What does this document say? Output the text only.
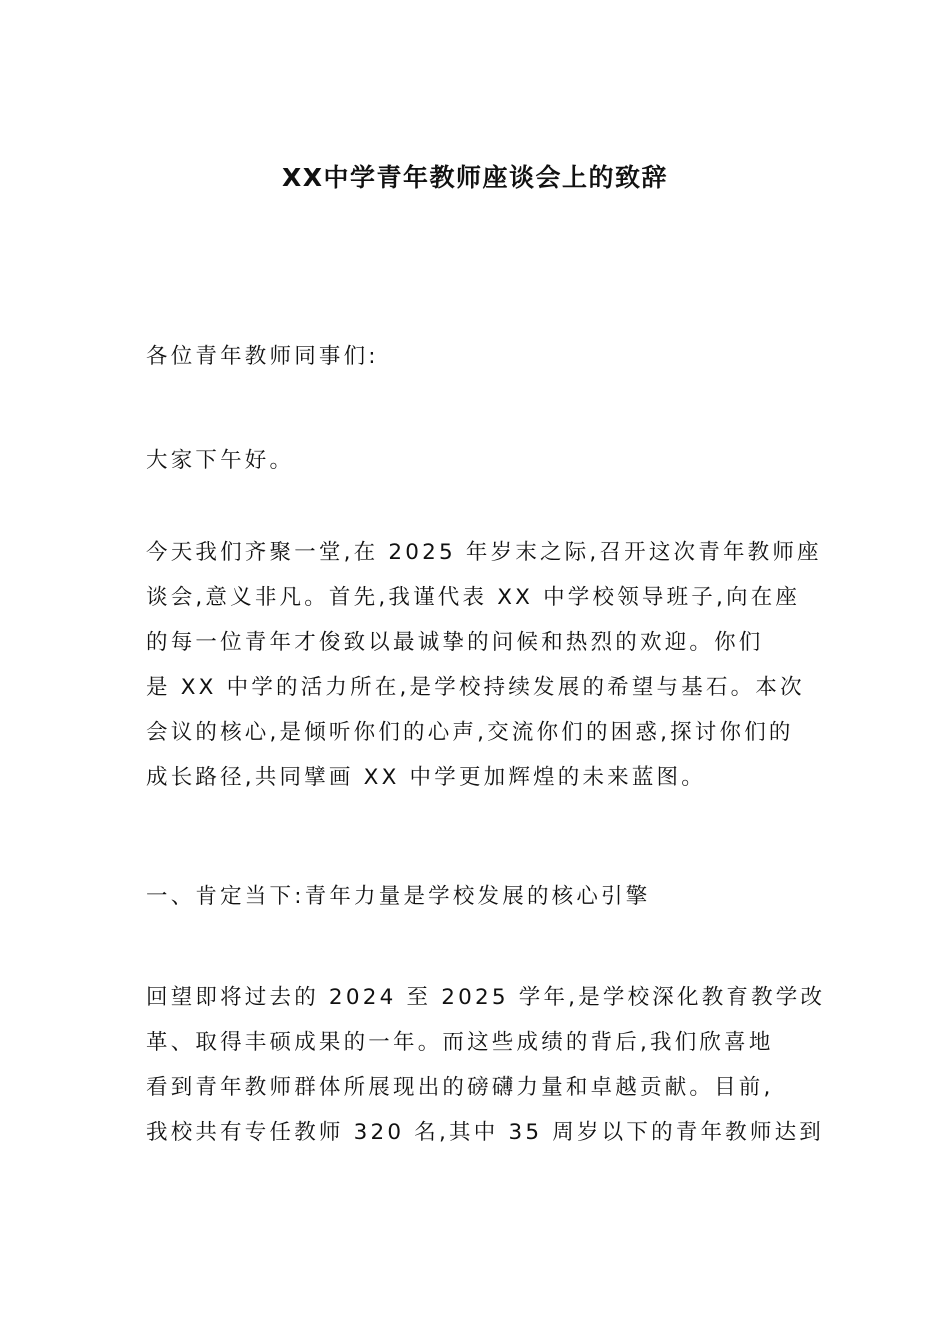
XX中学青年教师座谈会上的致辞

各位青年教师同事们:

大家下午好。

今天我们齐聚一堂,在 2025 年岁末之际,召开这次青年教师座
谈会,意义非凡。首先,我谨代表 XX 中学校领导班子,向在座
的每一位青年才俊致以最诚挚的问候和热烈的欢迎。你们
是 XX 中学的活力所在,是学校持续发展的希望与基石。本次
会议的核心,是倾听你们的心声,交流你们的困惑,探讨你们的
成长路径,共同擘画 XX 中学更加辉煌的未来蓝图。

一、肯定当下:青年力量是学校发展的核心引擎

回望即将过去的 2024 至 2025 学年,是学校深化教育教学改
革、取得丰硕成果的一年。而这些成绩的背后,我们欣喜地
看到青年教师群体所展现出的磅礴力量和卓越贡献。目前,
我校共有专任教师 320 名,其中 35 周岁以下的青年教师达到
